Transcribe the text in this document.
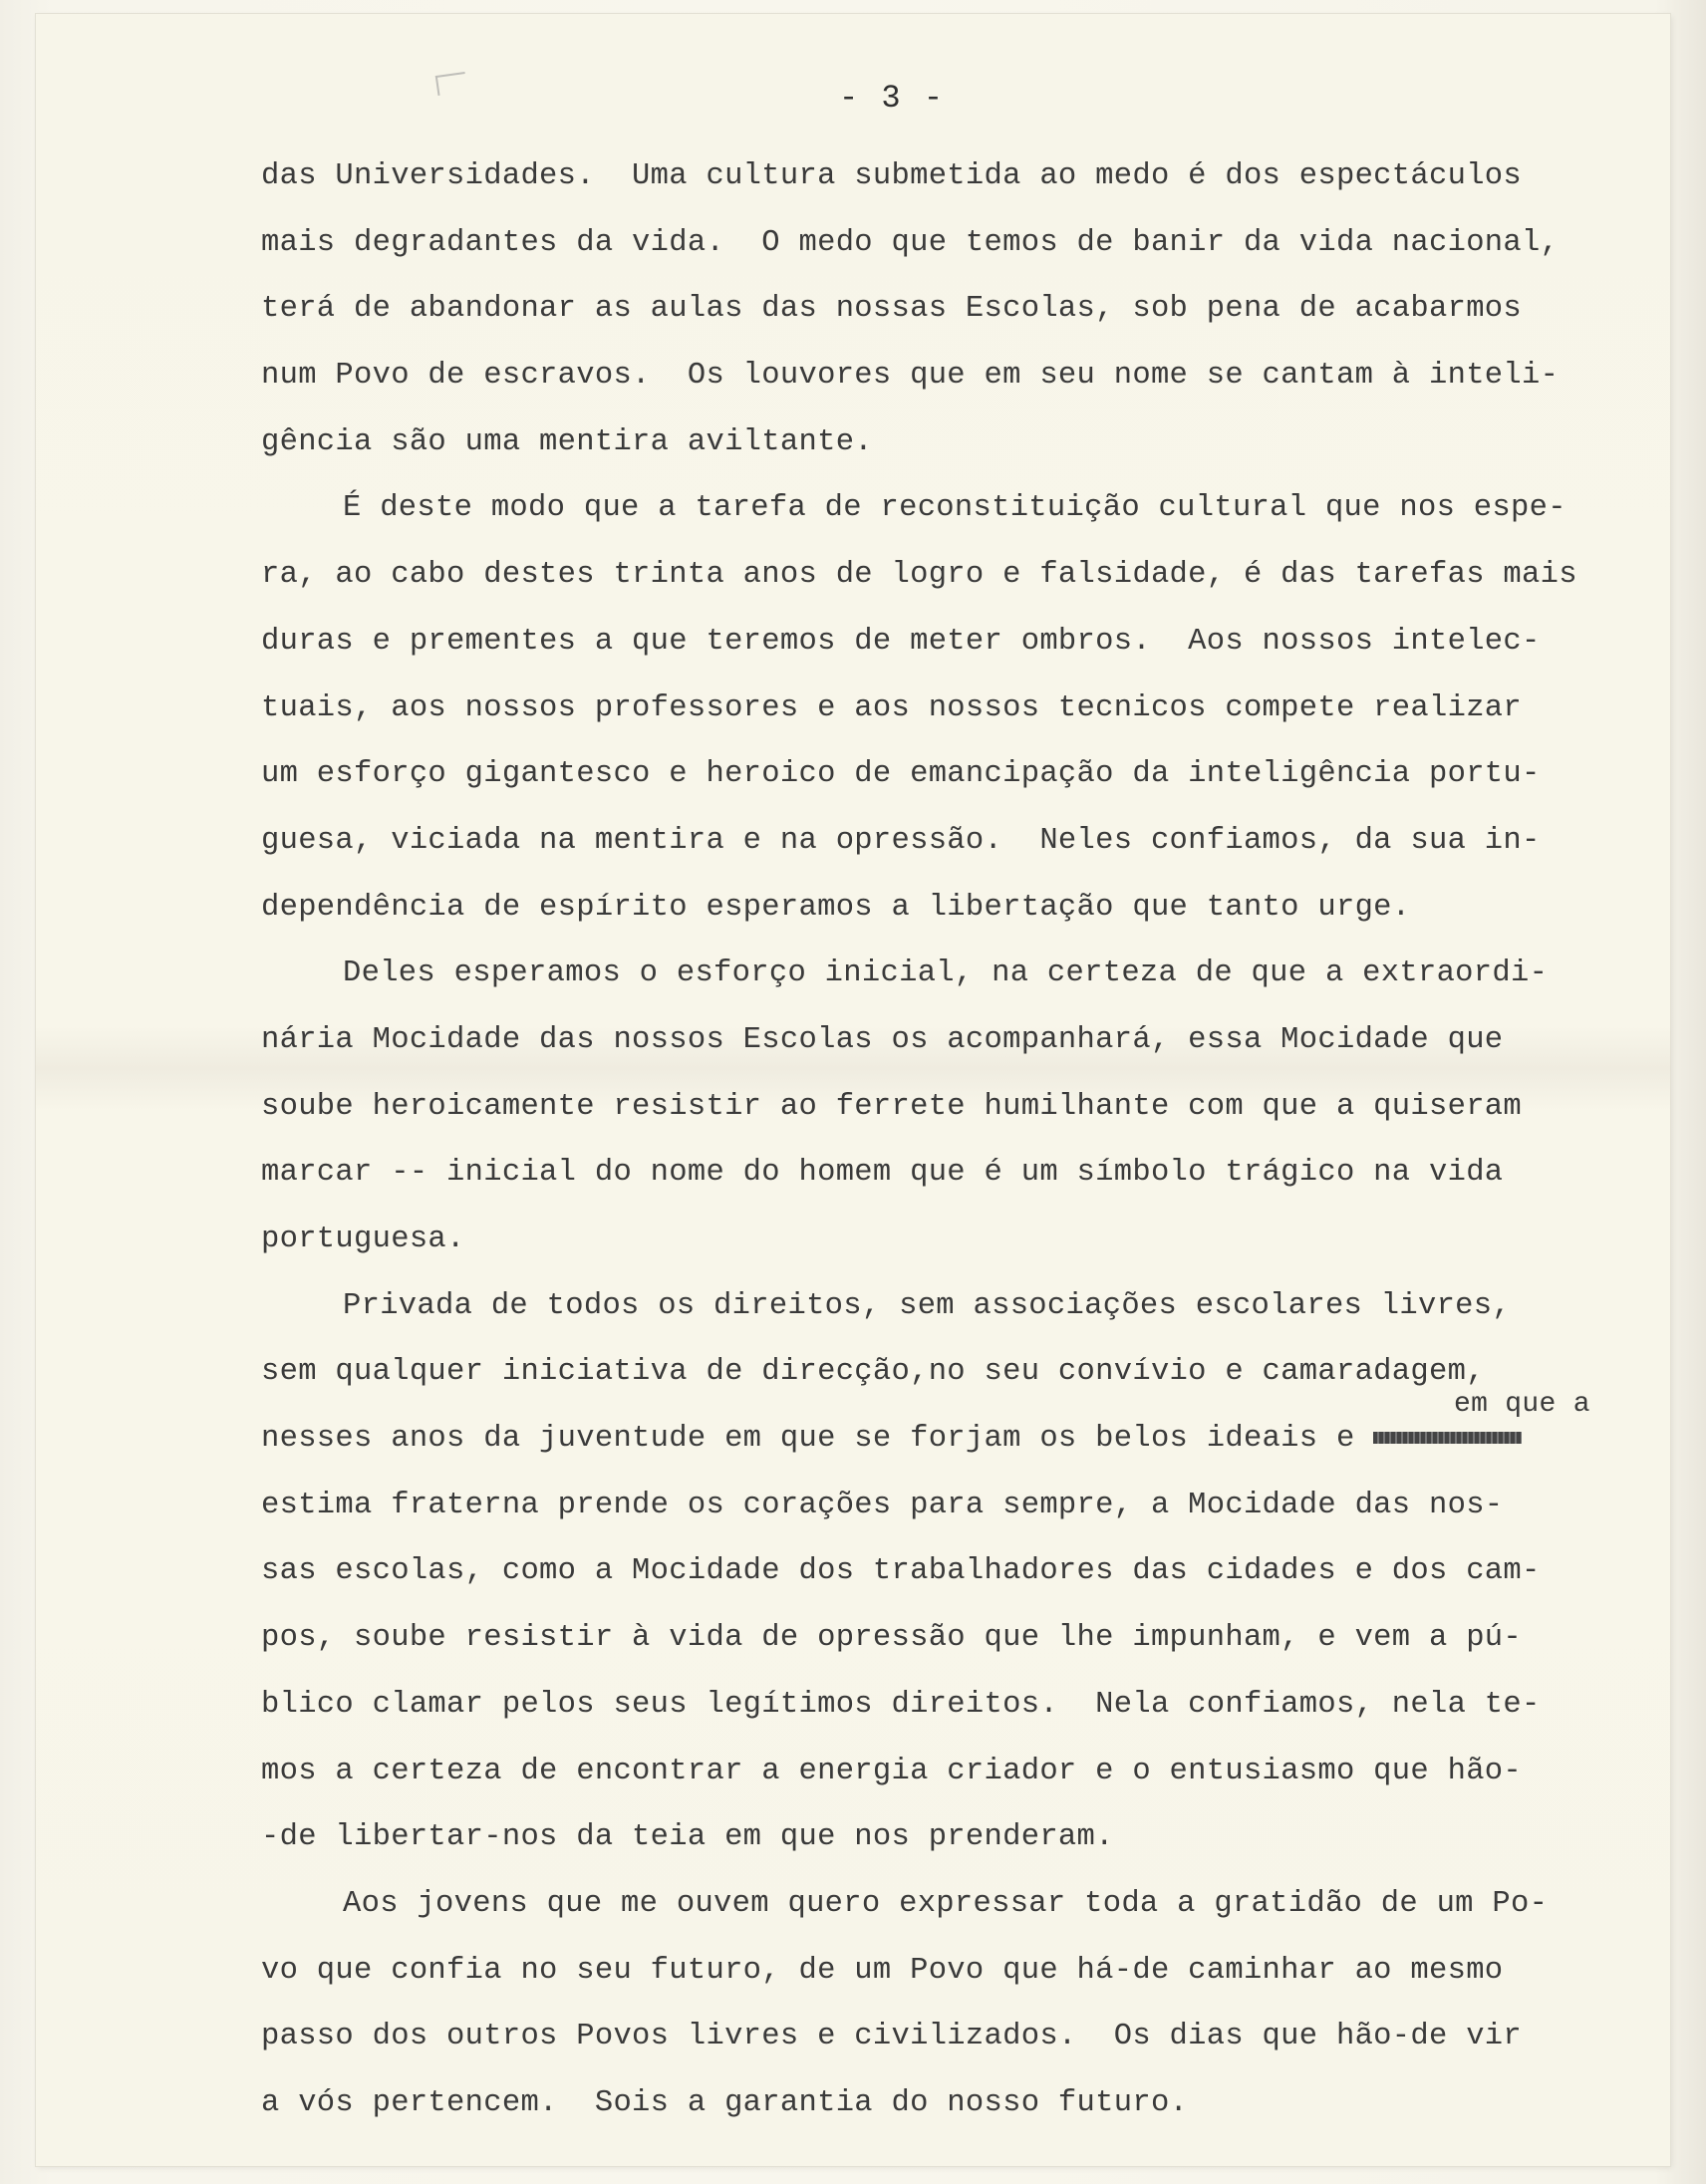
- 3 -
das Universidades.  Uma cultura submetida ao medo é dos espectáculos
mais degradantes da vida.  O medo que temos de banir da vida nacional,
terá de abandonar as aulas das nossas Escolas, sob pena de acabarmos
num Povo de escravos.  Os louvores que em seu nome se cantam à inteli-
gência são uma mentira aviltante.
É deste modo que a tarefa de reconstituição cultural que nos espe-
ra, ao cabo destes trinta anos de logro e falsidade, é das tarefas mais
duras e prementes a que teremos de meter ombros.  Aos nossos intelec-
tuais, aos nossos professores e aos nossos tecnicos compete realizar
um esforço gigantesco e heroico de emancipação da inteligência portu-
guesa, viciada na mentira e na opressão.  Neles confiamos, da sua in-
dependência de espírito esperamos a libertação que tanto urge.
Deles esperamos o esforço inicial, na certeza de que a extraordi-
nária Mocidade das nossos Escolas os acompanhará, essa Mocidade que
soube heroicamente resistir ao ferrete humilhante com que a quiseram
marcar -- inicial do nome do homem que é um símbolo trágico na vida
portuguesa.
Privada de todos os direitos, sem associações escolares livres,
sem qualquer iniciativa de direcção,no seu convívio e camaradagem,
nesses anos da juventude em que se forjam os belos ideais e
em que a
estima fraterna prende os corações para sempre, a Mocidade das nos-
sas escolas, como a Mocidade dos trabalhadores das cidades e dos cam-
pos, soube resistir à vida de opressão que lhe impunham, e vem a pú-
blico clamar pelos seus legítimos direitos.  Nela confiamos, nela te-
mos a certeza de encontrar a energia criador e o entusiasmo que hão-
-de libertar-nos da teia em que nos prenderam.
Aos jovens que me ouvem quero expressar toda a gratidão de um Po-
vo que confia no seu futuro, de um Povo que há-de caminhar ao mesmo
passo dos outros Povos livres e civilizados.  Os dias que hão-de vir
a vós pertencem.  Sois a garantia do nosso futuro.
